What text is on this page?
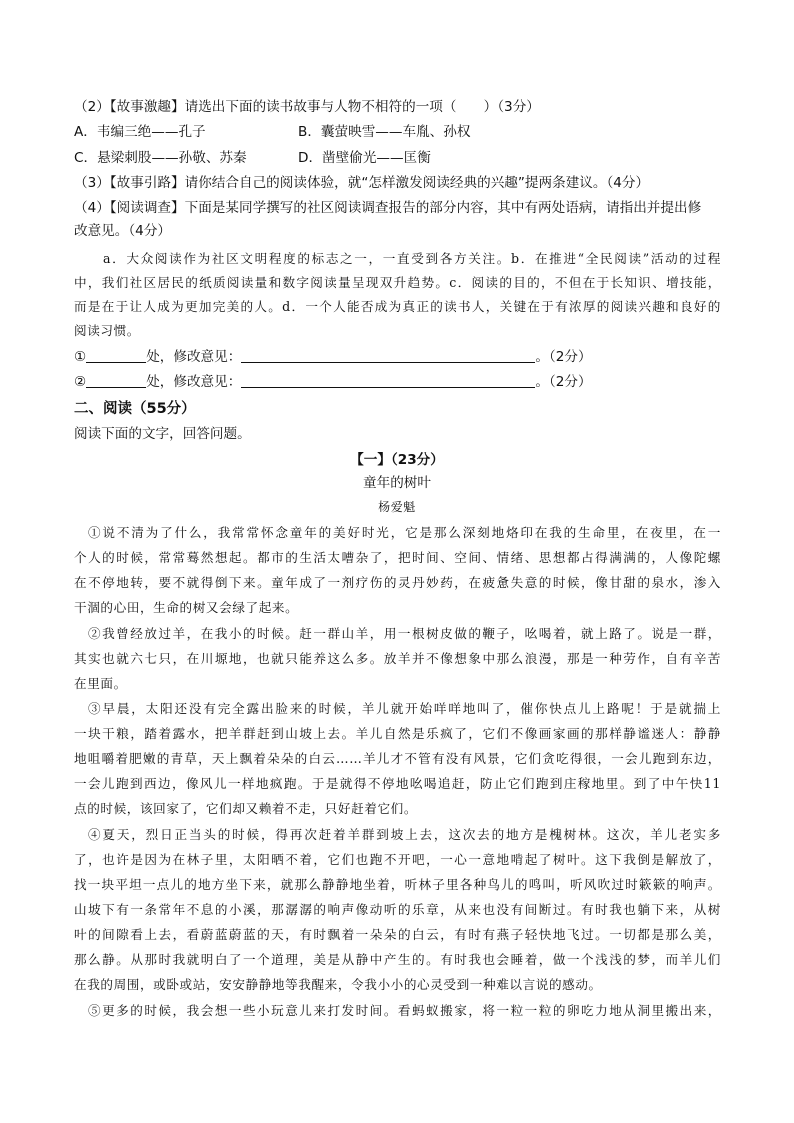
（2）【故事激趣】请选出下面的读书故事与人物不相符的一项（　　）（3分）
A．韦编三绝——孔子	B．囊萤映雪——车胤、孙权
C．悬梁刺股——孙敬、苏秦	D．凿壁偷光——匡衡
（3）【故事引路】请你结合自己的阅读体验，就“怎样激发阅读经典的兴趣”提两条建议。（4分）
（4）【阅读调查】下面是某同学撰写的社区阅读调查报告的部分内容，其中有两处语病，请指出并提出修
改意见。（4分）
a．大众阅读作为社区文明程度的标志之一，一直受到各方关注。b．在推进“全民阅读”活动的过程
中，我们社区居民的纸质阅读量和数字阅读量呈现双升趋势。c．阅读的目的，不但在于长知识、增技能，
而是在于让人成为更加完美的人。d．一个人能否成为真正的读书人，关键在于有浓厚的阅读兴趣和良好的
阅读习惯。
①	处，修改意见：	。（2分）
②	处，修改意见：	。（2分）
二、阅读（55分）
阅读下面的文字，回答问题。
【一】（23分）
童年的树叶
杨爱魁
①说不清为了什么，我常常怀念童年的美好时光，它是那么深刻地烙印在我的生命里，在夜里，在一
个人的时候，常常蓦然想起。都市的生活太嘈杂了，把时间、空间、情绪、思想都占得满满的，人像陀螺
在不停地转，要不就得倒下来。童年成了一剂疗伤的灵丹妙药，在疲惫失意的时候，像甘甜的泉水，渗入
干涸的心田，生命的树又会绿了起来。
②我曾经放过羊，在我小的时候。赶一群山羊，用一根树皮做的鞭子，吆喝着，就上路了。说是一群，
其实也就六七只，在川塬地，也就只能养这么多。放羊并不像想象中那么浪漫，那是一种劳作，自有辛苦
在里面。
③早晨，太阳还没有完全露出脸来的时候，羊儿就开始咩咩地叫了，催你快点儿上路呢！于是就揣上
一块干粮，踏着露水，把羊群赶到山坡上去。羊儿自然是乐疯了，它们不像画家画的那样静谧迷人：静静
地咀嚼着肥嫩的青草，天上飘着朵朵的白云……羊儿才不管有没有风景，它们贪吃得很，一会儿跑到东边，
一会儿跑到西边，像风儿一样地疯跑。于是就得不停地吆喝追赶，防止它们跑到庄稼地里。到了中午快11
点的时候，该回家了，它们却又赖着不走，只好赶着它们。
④夏天，烈日正当头的时候，得再次赶着羊群到坡上去，这次去的地方是槐树林。这次，羊儿老实多
了，也许是因为在林子里，太阳晒不着，它们也跑不开吧，一心一意地啃起了树叶。这下我倒是解放了，
找一块平坦一点儿的地方坐下来，就那么静静地坐着，听林子里各种鸟儿的鸣叫，听风吹过时簌簌的响声。
山坡下有一条常年不息的小溪，那潺潺的响声像动听的乐章，从来也没有间断过。有时我也躺下来，从树
叶的间隙看上去，看蔚蓝蔚蓝的天，有时飘着一朵朵的白云，有时有燕子轻快地飞过。一切都是那么美，
那么静。从那时我就明白了一个道理，美是从静中产生的。有时我也会睡着，做一个浅浅的梦，而羊儿们
在我的周围，或卧或站，安安静静地等我醒来，令我小小的心灵受到一种难以言说的感动。
⑤更多的时候，我会想一些小玩意儿来打发时间。看蚂蚁搬家，将一粒一粒的卵吃力地从洞里搬出来，
